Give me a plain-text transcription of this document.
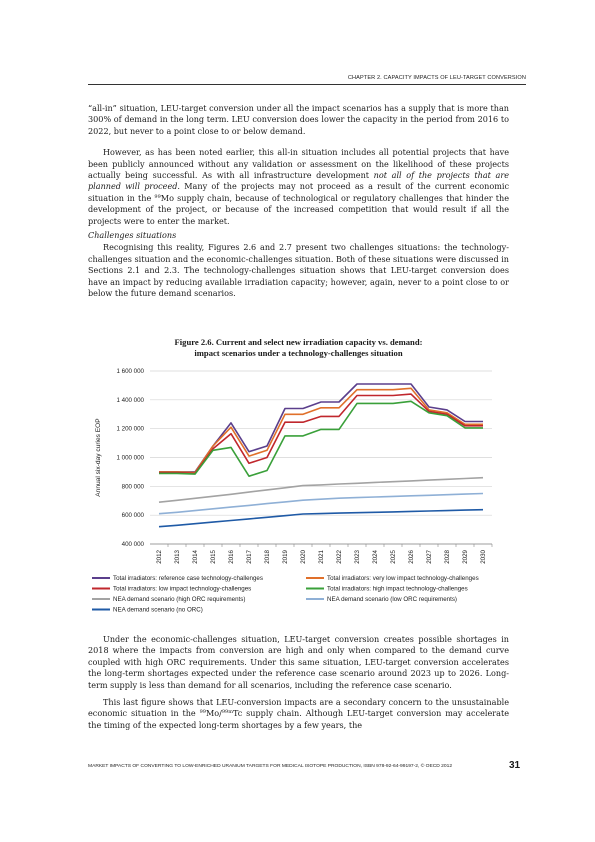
CHAPTER 2. CAPACITY IMPACTS OF LEU-TARGET CONVERSION

“all-in” situation, LEU-target conversion under all the impact scenarios has a supply that is more than 300% of demand in the long term. LEU conversion does lower the capacity in the period from 2016 to 2022, but never to a point close to or below demand.

However, as has been noted earlier, this all-in situation includes all potential projects that have been publicly announced without any validation or assessment on the likelihood of these projects actually being successful. As with all infrastructure development not all of the projects that are planned will proceed. Many of the projects may not proceed as a result of the current economic situation in the $^{99}$Mo supply chain, because of technological or regulatory challenges that hinder the development of the project, or because of the increased competition that would result if all the projects were to enter the market.

Challenges situations

Recognising this reality, Figures 2.6 and 2.7 present two challenges situations: the technology-challenges situation and the economic-challenges situation. Both of these situations were discussed in Sections 2.1 and 2.3. The technology-challenges situation shows that LEU-target conversion does have an impact by reducing available irradiation capacity; however, again, never to a point close to or below the future demand scenarios.

Figure 2.6. Current and select new irradiation capacity vs. demand:
impact scenarios under a technology-challenges situation
400 000
600 000
800 000
1 000 000
1 200 000
1 400 000
1 600 000
Annual six-day curies EOP
2012 2013 2014 2015 2016 2017 2018 2019 2020 2021 2022 2023 2024 2025 2026 2027 2028 2029 2030
Total irradiators: reference case technology-challenges	Total irradiators: very low impact technology-challenges
Total irradiators: low impact technology-challenges	Total irradiators: high impact technology-challenges
NEA demand scenario (high ORC requirements)	NEA demand scenario (low ORC requirements)
NEA demand scenario (no ORC)

Under the economic-challenges situation, LEU-target conversion creates possible shortages in 2018 where the impacts from conversion are high and only when compared to the demand curve coupled with high ORC requirements. Under this same situation, LEU-target conversion accelerates the long-term shortages expected under the reference case scenario around 2023 up to 2026. Long-term supply is less than demand for all scenarios, including the reference case scenario.

This last figure shows that LEU-conversion impacts are a secondary concern to the unsustainable economic situation in the $^{99}$Mo/$^{99m}$Tc supply chain. Although LEU-target conversion may accelerate the timing of the expected long-term shortages by a few years, the

MARKET IMPACTS OF CONVERTING TO LOW-ENRICHED URANIUM TARGETS FOR MEDICAL ISOTOPE PRODUCTION, ISBN 978-92-64-99197-2, © OECD 2012	31
